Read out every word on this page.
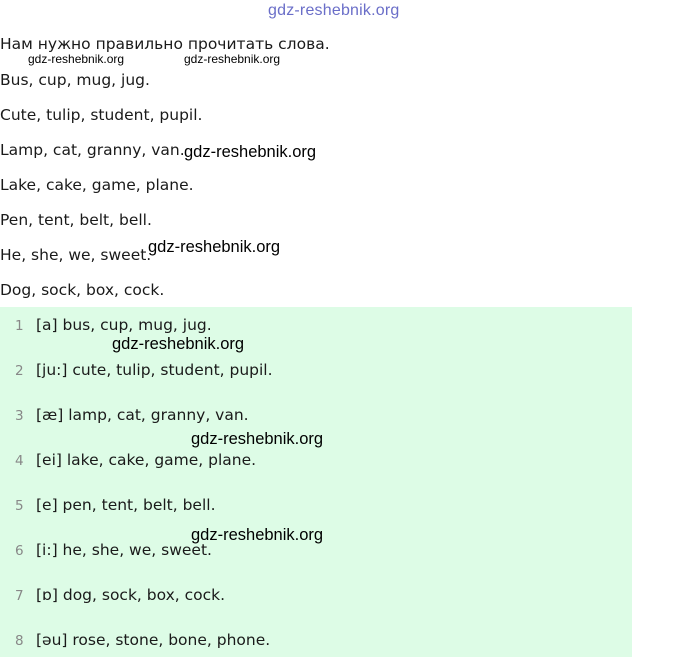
gdz-reshebnik.org
Нам нужно правильно прочитать слова.
gdz-reshebnik.org	gdz-reshebnik.org
Bus, cup, mug, jug.
Cute, tulip, student, pupil.
Lamp, cat, granny, van.
Lake, cake, game, plane.
Pen, tent, belt, bell.
He, she, we, sweet.
Dog, sock, box, cock.
gdz-reshebnik.org
gdz-reshebnik.org
1 [a] bus, cup, mug, jug.
2 [ju:] cute, tulip, student, pupil.
3 [æ] lamp, cat, granny, van.
4 [ei] lake, cake, game, plane.
5 [e] pen, tent, belt, bell.
6 [i:] he, she, we, sweet.
7 [ɒ] dog, sock, box, cock.
8 [əu] rose, stone, bone, phone.
gdz-reshebnik.org
gdz-reshebnik.org
gdz-reshebnik.org
